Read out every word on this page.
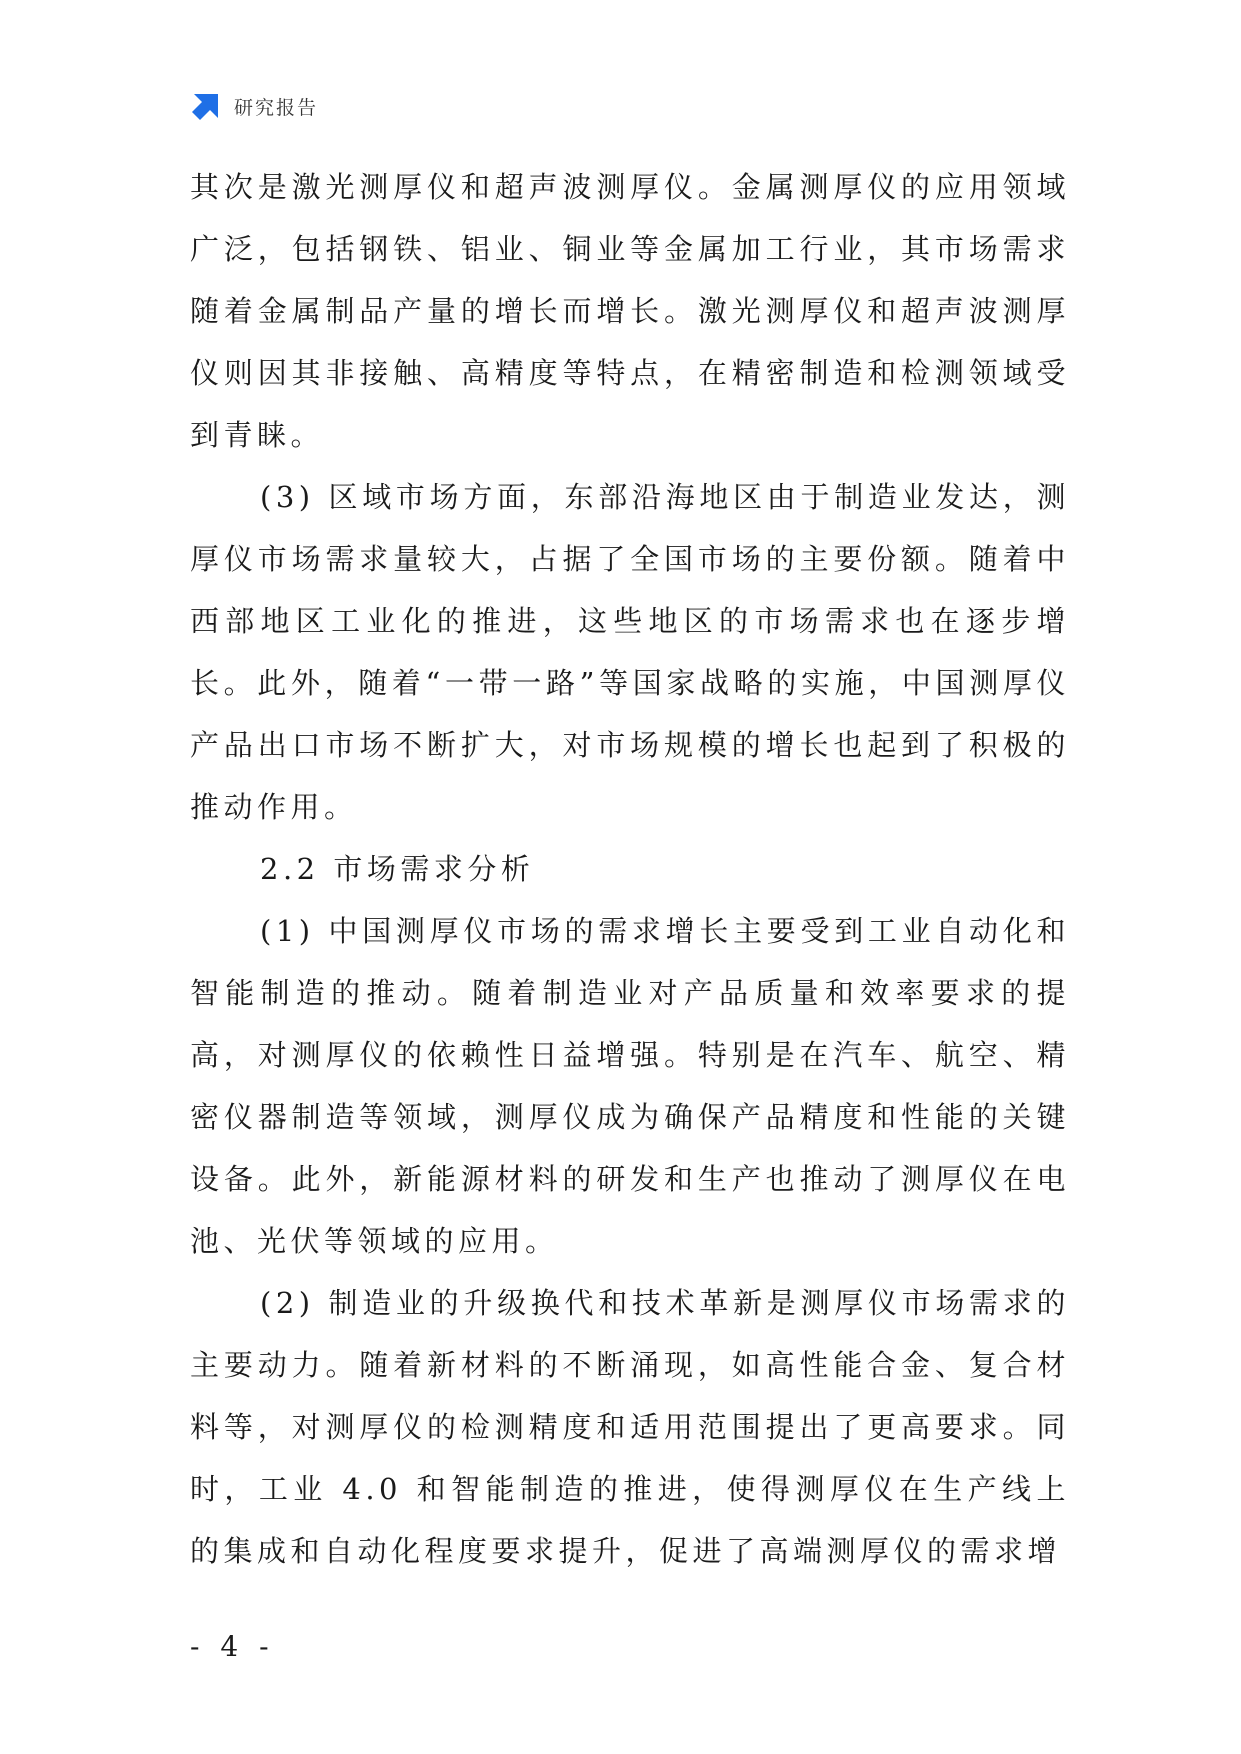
研究报告

其次是激光测厚仪和超声波测厚仪。金属测厚仪的应用领域广泛，包括钢铁、铝业、铜业等金属加工行业，其市场需求随着金属制品产量的增长而增长。激光测厚仪和超声波测厚仪则因其非接触、高精度等特点，在精密制造和检测领域受到青睐。

(3) 区域市场方面，东部沿海地区由于制造业发达，测厚仪市场需求量较大，占据了全国市场的主要份额。随着中西部地区工业化的推进，这些地区的市场需求也在逐步增长。此外，随着“一带一路”等国家战略的实施，中国测厚仪产品出口市场不断扩大，对市场规模的增长也起到了积极的推动作用。

2.2 市场需求分析

(1) 中国测厚仪市场的需求增长主要受到工业自动化和智能制造的推动。随着制造业对产品质量和效率要求的提高，对测厚仪的依赖性日益增强。特别是在汽车、航空、精密仪器制造等领域，测厚仪成为确保产品精度和性能的关键设备。此外，新能源材料的研发和生产也推动了测厚仪在电池、光伏等领域的应用。

(2) 制造业的升级换代和技术革新是测厚仪市场需求的主要动力。随着新材料的不断涌现，如高性能合金、复合材料等，对测厚仪的检测精度和适用范围提出了更高要求。同时，工业 4.0 和智能制造的推进，使得测厚仪在生产线上的集成和自动化程度要求提升，促进了高端测厚仪的需求增

- 4 -
